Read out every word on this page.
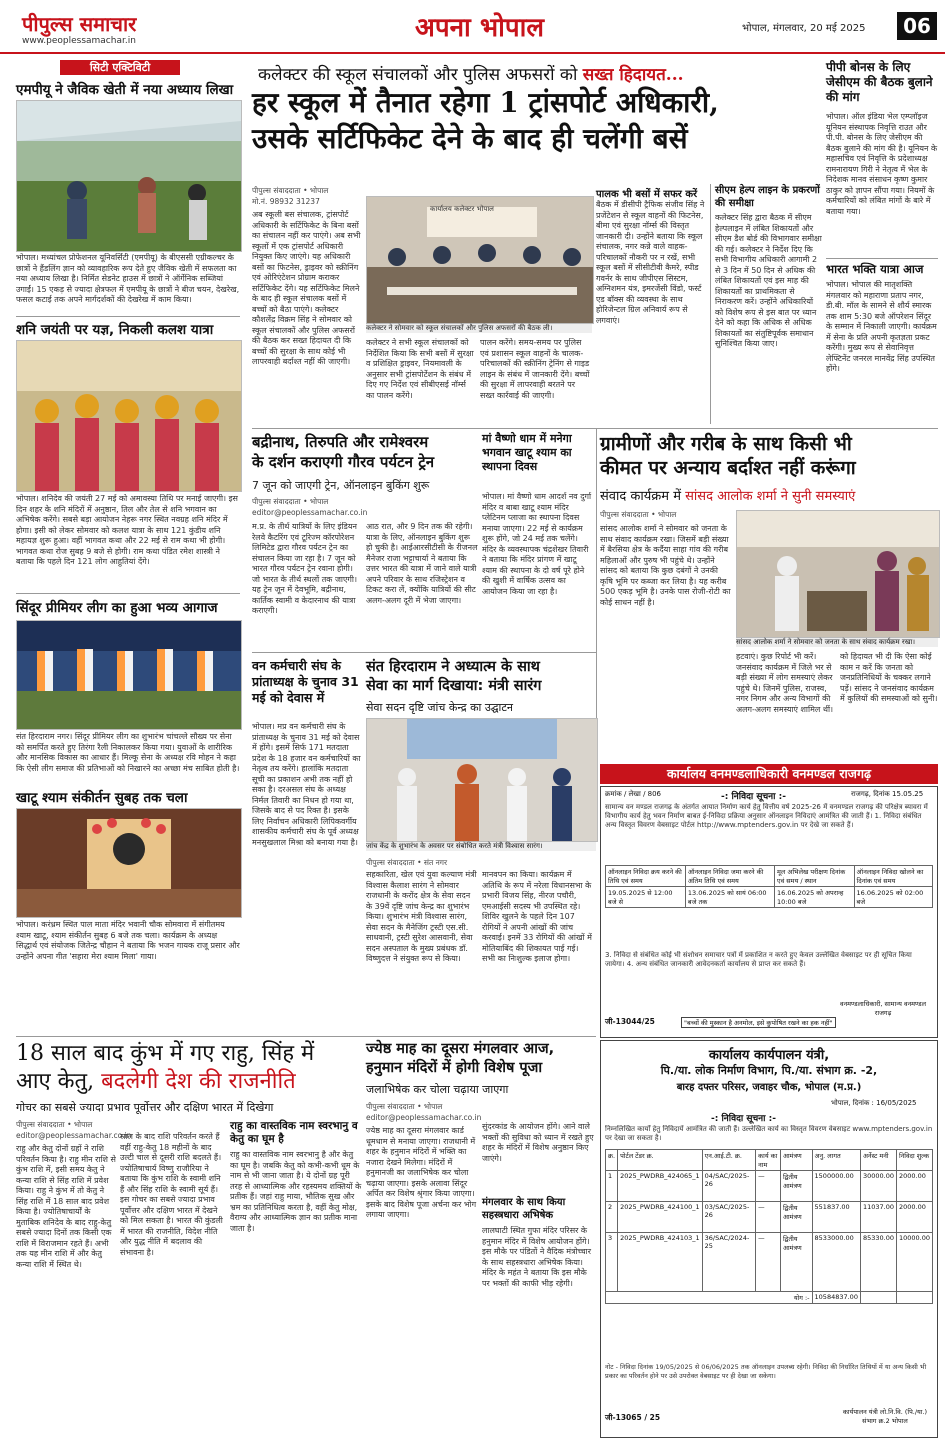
पीपुल्स समाचार
www.peoplessamachar.in	अपना भोपाल	भोपाल, मंगलवार, 20 मई 2025	06
सिटी एक्टिविटी
एमपीयू ने जैविक खेती में नया अध्याय लिखा
भोपाल। मध्यांचल प्रोफेशनल यूनिवर्सिटी (एमपीयू) के बीएससी एग्रीकल्चर के छात्रों ने हैंडलिंग ज्ञान को व्यावहारिक रूप देते हुए जैविक खेती में सफलता का नया अध्याय लिखा है। निर्मित सेडनेट हाउस में छात्रों ने ऑर्गेनिक सब्जियां उगाईं। 15 एकड़ से ज्यादा क्षेत्रफल में एमपीयू के छात्रों ने बीज चयन, देखरेख, फसल कटाई तक अपने मार्गदर्शकों की देखरेख में काम किया।
शनि जयंती पर यज्ञ, निकली कलश यात्रा
भोपाल। शनिदेव की जयंती 27 मई को अमावस्या तिथि पर मनाई जाएगी। इस दिन शहर के शनि मंदिरों में अनुष्ठान, तिल और तेल से शनि भगवान का अभिषेक करेंगे। सबसे बड़ा आयोजन नेहरू नगर स्थित नवग्रह शनि मंदिर में होगा। इसी को लेकर सोमवार को कलश यात्रा के साथ 121 कुंडीय शनि महायज्ञ शुरू हुआ। वहीं भागवत कथा और 22 मई से राम कथा भी होगी। भागवत कथा रोज सुबह 9 बजे से होगी। राम कथा पंडित रमेश शास्त्री ने बताया कि पहले दिन 121 लोग आहुतियां देंगे।
सिंदूर प्रीमियर लीग का हुआ भव्य आगाज
संत हिरदाराम नगर। सिंदूर प्रीमियर लीग का शुभारंभ चांचल्ले सौख्य पर सेना को समर्पित करते हुए तिरंगा रैली निकालकर किया गया। युवाओं के शारीरिक और मानसिक विकास का आधार हैं। मिल्कू सेना के अध्यक्ष रवि मोहन ने कहा कि ऐसी लीग समाज की प्रतिभाओं को निखारने का अच्छा मंच साबित होती है।
खाटू श्याम संकीर्तन सुबह तक चला
भोपाल। करंध्रम स्थित पाल माता मंदिर भवानी चौक सोमवारा में संगीतमय श्याम खाटू, श्याम संकीर्तन सुबह 6 बजे तक चला। कार्यक्रम के अध्यक्ष सिद्धार्थ एवं संयोजक जितेन्द्र चौहान ने बताया कि भजन गायक राजू प्रसार और उन्होंने अपना गीत 'सहारा मेरा श्याम मिला' गाया।
कलेक्टर की स्कूल संचालकों और पुलिस अफसरों को सख्त हिदायत...
हर स्कूल में तैनात रहेगा 1 ट्रांसपोर्ट अधिकारी,
उसके सर्टिफिकेट देने के बाद ही चलेंगी बसें
पीपुल्स संवाददाता • भोपाल
मो.नं. 98932 31237
अब स्कूली बस संचालक, ट्रांसपोर्ट अधिकारी के सर्टिफिकेट के बिना बसों का संचालन नहीं कर पाएंगे। अब सभी स्कूलों में एक ट्रांसपोर्ट अधिकारी नियुक्त किए जाएंगे। यह अधिकारी बसों का फिटनेस, ड्राइवर को स्क्रीनिंग एवं ओरिएंटेशन प्रोग्राम कराकर सर्टिफिकेट देंगे। यह सर्टिफिकेट मिलने के बाद ही स्कूल संचालक बसों में बच्चों को बैठा पाएंगे। कलेक्टर कौशलेंद्र विक्रम सिंह ने सोमवार को स्कूल संचालकों और पुलिस अफसरों की बैठक कर सख्त हिदायत दी कि बच्चों की सुरक्षा के साथ कोई भी लापरवाही बर्दाश्त नहीं की जाएगी।
कार्यालय कलेक्टर भोपाल
कलेक्टर ने सोमवार को स्कूल संचालकों और पुलिस अफसरों की बैठक ली।
कलेक्टर ने सभी स्कूल संचालकों को निर्देशित किया कि सभी बसों में सुरक्षा व प्रशिक्षित ड्राइवर, नियमावली के अनुसार सभी ट्रांसपोर्टेशन के संबंध में दिए गए निर्देश एवं सीबीएसई नॉर्म्स का पालन करेंगे।
पालन करेंगे। समय-समय पर पुलिस एवं प्रशासन स्कूल वाहनों के चालक-परिचालकों की स्क्रीनिंग ट्रेनिंग से गाइड लाइन के संबंध में जानकारी देंगे। बच्चों की सुरक्षा में लापरवाही बरतने पर सख्त कार्रवाई की जाएगी।
पालक भी बसों में सफर करें
बैठक में डीसीपी ट्रैफिक संजीव सिंह ने प्रजेंटेशन से स्कूल वाहनों की फिटनेस, बीमा एवं सुरक्षा नॉर्म्स की विस्तृत जानकारी दी। उन्होंने बताया कि स्कूल संचालक, नगर कन्ने वाले वाहक-परिचालकों नौकरी पर न रखें, सभी स्कूल बसों में सीसीटीवी कैमरे, स्पीड गवर्नर के साथ जीपीएस सिस्टम, अग्निशमन यंत्र, इमरजेंसी विंडो, फर्स्ट एड बॉक्स की व्यवस्था के साथ होरिजेन्टल ग्रिल अनिवार्य रूप से लगवाएं।
सीएम हेल्प लाइन के प्रकरणों की समीक्षा
कलेक्टर सिंह द्वारा बैठक में सीएम हेल्पलाइन में लंबित शिकायतों और सीएम डैश बोर्ड की विभागवार समीक्षा की गई। कलेक्टर ने निर्देश दिए कि सभी विभागीय अधिकारी आगामी 2 से 3 दिन में 50 दिन से अधिक की लंबित शिकायतों एवं इस माह की शिकायतों का प्राथमिकता से निराकरण करें। उन्होंने अधिकारियों को विशेष रूप से इस बात पर ध्यान देने को कहा कि अधिक से अधिक शिकायतों का संतुष्टिपूर्वक समाधान सुनिश्चित किया जाए।
पीपी बोनस के लिए जेसीएम की बैठक बुलाने की मांग
भोपाल। ऑल इंडिया भेल एम्प्लॉइज यूनियन संस्थापक निवृत्ति राउत और पी.पी. बोनस के लिए जेसीएम की बैठक बुलाने की मांग की है। यूनियन के महासचिव एवं निवृत्ति के प्रदेशाध्यक्ष रामनारायण गिरी ने नेतृत्व में भेल के निदेशक मानव संसाधन कृष्ण कुमार ठाकुर को ज्ञापन सौंपा गया। नियमों के कर्मचारियों को लंबित मांगों के बारे में बताया गया।
भारत भक्ति यात्रा आज
भोपाल। भोपाल की मातृशक्ति मंगलवार को महाराणा प्रताप नगर, डी.बी. मॉल के सामने से शौर्य स्मारक तक शाम 5:30 बजे ऑपरेशन सिंदूर के सम्मान में निकाली जाएगी। कार्यक्रम में सेना के प्रति अपनी कृतज्ञता प्रकट करेंगी। मुख्य रूप से सेवानिवृत्त लेफ्टिनेंट जनरल मानवेंद्र सिंह उपस्थित होंगे।
बद्रीनाथ, तिरुपति और रामेश्वरम
के दर्शन कराएगी गौरव पर्यटन ट्रेन
7 जून को जाएगी ट्रेन, ऑनलाइन बुकिंग शुरू
पीपुल्स संवाददाता • भोपाल
editor@peoplessamachar.co.in
म.प्र. के तीर्थ यात्रियों के लिए इंडियन रेलवे कैटरिंग एवं टूरिज्म कॉरपोरेशन लिमिटेड द्वारा गौरव पर्यटन ट्रेन का संचालन किया जा रहा है। 7 जून को भारत गौरव पर्यटन ट्रेन रवाना होगी। जो भारत के तीर्थ स्थलों तक जाएगी। यह ट्रेन जून में देवभूमि, बद्रीनाथ, कार्तिक स्वामी व केदारनाथ की यात्रा कराएगी।
आठ रात, और 9 दिन तक की रहेगी। यात्रा के लिए, ऑनलाइन बुकिंग शुरू हो चुकी है। आईआरसीटीसी के रीजनल मैनेजर राजा भट्टाचार्या ने बताया कि उत्तर भारत की यात्रा में जाने वाले यात्री अपने परिवार के साथ रजिस्ट्रेशन व टिकट करा लें, क्योंकि यात्रियों की सीट अलग-अलग दूरी में भेजा जाएगा।
मां वैष्णो धाम में मनेगा भगवान खाटू श्याम का स्थापना दिवस
भोपाल। मां वैष्णो धाम आदर्श नव दुर्गा मंदिर व बाबा खाटू श्याम मंदिर प्लेटिनम प्लाजा का स्थापना दिवस मनाया जाएगा। 22 मई से कार्यक्रम शुरू होंगे, जो 24 मई तक चलेंगे। मंदिर के व्यवस्थापक चंद्रशेखर तिवारी ने बताया कि मंदिर प्रांगण में खाटू श्याम की स्थापना के दो वर्ष पूरे होने की खुशी में वार्षिक उत्सव का आयोजन किया जा रहा है।
ग्रामीणों और गरीब के साथ किसी भी
कीमत पर अन्याय बर्दाश्त नहीं करूंगा
संवाद कार्यक्रम में सांसद आलोक शर्मा ने सुनी समस्याएं
पीपुल्स संवाददाता • भोपाल
सांसद आलोक शर्मा ने सोमवार को जनता के साथ संवाद कार्यक्रम रखा। जिसमें बड़ी संख्या में बैरसिया क्षेत्र के कर्दैया साहा गांव की गरीब महिलाओं और पुरुष भी पहुंचे थे। उन्होंने सांसद को बताया कि कुछ दबंगों ने उनकी कृषि भूमि पर कब्जा कर लिया है। यह करीब 500 एकड़ भूमि है। उनके पास रोजी-रोटी का कोई साधन नहीं है।
सांसद आलोक शर्मा ने सोमवार को जनता के साथ संवाद कार्यक्रम रखा।
हटवाएं। कुछ रिपोर्ट भी करें। जनसंवाद कार्यक्रम में जिले भर से बड़ी संख्या में लोग समस्याएं लेकर पहुंचे थे। जिनमें पुलिस, राजस्व, नगर निगम और अन्य विभागों की अलग-अलग समस्याएं शामिल थीं।
को हिदायत भी दी कि ऐसा कोई काम न करें कि जनता को जनप्रतिनिधियों के चक्कर लगाने पड़ें। सांसद ने जनसंवाद कार्यक्रम में कुलियों की समस्याओं को सुनी।
वन कर्मचारी संघ के प्रांताध्यक्ष के चुनाव 31 मई को देवास में
भोपाल। मप्र वन कर्मचारी संघ के प्रांताध्यक्ष के चुनाव 31 मई को देवास में होंगे। इसमें सिर्फ 171 मतदाता प्रदेश के 18 हजार वन कर्मचारियों का नेतृत्व तय करेंगे। हालांकि मतदाता सूची का प्रकाशन अभी तक नहीं हो सका है। दरअसल संघ के अध्यक्ष निर्मल तिवारी का निधन हो गया था, जिसके बाद से पद रिक्त है। इसके लिए निर्वाचन अधिकारी लिपिकवर्गीय शासकीय कर्मचारी संघ के पूर्व अध्यक्ष मनसुखलाल मिश्रा को बनाया गया है।
संत हिरदाराम ने अध्यात्म के साथ
सेवा का मार्ग दिखाया: मंत्री सारंग
सेवा सदन दृष्टि जांच केन्द्र का उद्घाटन
कार्यालय वनमण्डलाधिकारी वनमण्डल राजगढ़
क्रमांक / लेखा / 806	-: निविदा सूचना :-	राजगढ़, दिनांक 15.05.25
सामान्य वन मण्डल राजगढ़ के अंतर्गत आयात निर्माण कार्य हेतु वित्तीय वर्ष 2025-26 में वनमण्डल राजगढ़ की परिक्षेत्र ब्यावरा में विभागीय कार्य हेतु भवन निर्माण बाबत ई-निविदा प्रक्रिया अनुसार ऑनलाइन निविदाएं आमंत्रित की जाती हैं। 1. निविदा संबंधित अन्य विस्तृत विवरण वेबसाइट पोर्टल http://www.mptenders.gov.in पर देखे जा सकते हैं।
ऑनलाइन निविदा क्रय करने की तिथि एवं समय	ऑनलाइन निविदा जमा करने की अंतिम तिथि एवं समय	मूल अभिलेख परीक्षण दिनांक एवं समय / स्थान	ऑनलाइन निविदा खोलने का दिनांक एवं समय
19.05.2025 से 12:00 बजे से	13.06.2025 को सायं 06:00 बजे तक	16.06.2025 को अपरान्ह 10:00 बजे	16.06.2025 को 02:00 बजे
3. निविदा से संबंधित कोई भी संशोधन समाचार पत्रों में प्रकाशित न करते हुए केवल उल्लेखित वेबसाइट पर ही सूचित किया जायेगा। 4. अन्य संबंधित जानकारी आवेदनकर्ता कार्यालय से प्राप्त कर सकते हैं।
जी-13044/25	"बच्चों की मुस्कान है अनमोल, इसे कुपोषित रखने का हक नहीं"
वनमण्डलाधिकारी, सामान्य वनमण्डल राजगढ़
जांच केंद्र के शुभारंभ के अवसर पर संबोधित करते मंत्री विश्वास सारंग।
पीपुल्स संवाददाता • संत नगर
सहकारिता, खेल एवं युवा कल्याण मंत्री विश्वास कैलाश सारंग ने सोमवार राजधानी के करोंद क्षेत्र के सेवा सदन के 39वें दृष्टि जांच केन्द्र का शुभारंभ किया। शुभारंभ मंत्री विश्वास सारंग, सेवा सदन के मैनेजिंग ट्रस्टी एस.सी. साधवानी, ट्रस्टी सुरेश आसवानी, सेवा सदन अस्पताल के मुख्य प्रबंधक डॉ. विष्णुदत्त ने संयुक्त रूप से किया।
मानवपन का किया। कार्यक्रम में अतिथि के रूप में नरेला विधानसभा के प्रभारी विजय सिंह, नीरज पचौरी, एमआईसी सदस्य भी उपस्थित रहे। शिविर खुलने के पहले दिन 107 रोगियों ने अपनी आंखों की जांच करवाई। इनमें 33 रोगियों की आंखों में मोतियाबिंद की शिकायत पाई गई। सभी का निःशुल्क इलाज होगा।
18 साल बाद कुंभ में गए राहु, सिंह में
आए केतु, बदलेगी देश की राजनीति
गोचर का सबसे ज्यादा प्रभाव पूर्वोत्तर और दक्षिण भारत में दिखेगा
पीपुल्स संवाददाता • भोपाल
editor@peoplessamachar.co.in
राहु और केतु दोनों ग्रहों ने राशि परिवर्तन किया है। राहु मीन राशि से कुंभ राशि में, इसी समय केतु ने कन्या राशि से सिंह राशि में प्रवेश किया। राहु ने कुंभ में तो केतु ने सिंह राशि में 18 साल बाद प्रवेश किया है। ज्योतिषाचार्यों के मुताबिक शनिदेव के बाद राहु-केतु सबसे ज्यादा दिनों तक किसी एक राशि में विराजमान रहते हैं। अभी तक यह मीन राशि में और केतु कन्या राशि में स्थित थे।
साल के बाद राशि परिवर्तन करते हैं वहीं राहु-केतु 18 महीनों के बाद उल्टी चाल से दूसरी राशि बदलते हैं। ज्योतिषाचार्य विष्णु राजौरिया ने बताया कि कुंभ राशि के स्वामी शनि हैं और सिंह राशि के स्वामी सूर्य हैं। इस गोचर का सबसे ज्यादा प्रभाव पूर्वोत्तर और दक्षिण भारत में देखने को मिल सकता है। भारत की कुंडली में भारत की राजनीति, विदेश नीति और युद्ध नीति में बदलाव की संभावना है।
राहु का वास्तविक नाम स्वरभानु व केतु का घूम है
राहु का वास्तविक नाम स्वरभानु है और केतु का घूम है। जबकि केतु को कभी-कभी धूम के नाम से भी जाना जाता है। ये दोनों ग्रह पूरी तरह से आध्यात्मिक और रहस्यमय शक्तियों के प्रतीक हैं। जहां राहु माया, भौतिक सुख और भ्रम का प्रतिनिधित्व करता है, वहीं केतु मोक्ष, वैराग्य और आध्यात्मिक ज्ञान का प्रतीक माना जाता है।
ज्येष्ठ माह का दूसरा मंगलवार आज,
हनुमान मंदिरों में होगी विशेष पूजा
जलाभिषेक कर चोला चढ़ाया जाएगा
पीपुल्स संवाददाता • भोपाल
editor@peoplessamachar.co.in
ज्येष्ठ माह का दूसरा मंगलवार कार्ड धूमधाम से मनाया जाएगा। राजधानी में शहर के हनुमान मंदिरों में भक्ति का नजारा देखने मिलेगा। मंदिरों में हनुमानजी का जलाभिषेक कर चोला चढ़ाया जाएगा। इसके अलावा सिंदूर अर्पित कर विशेष श्रृंगार किया जाएगा। इसके बाद विशेष पूजा अर्चना कर भोग लगाया जाएगा।
सुंदरकांड के आयोजन होंगे। आने वाले भक्तों की सुविधा को ध्यान में रखते हुए शहर के मंदिरों में विशेष अनुष्ठान किए जाएंगे।
मंगलवार के साथ किया सहस्त्रधारा अभिषेक
लालघाटी स्थित गुफा मंदिर परिसर के हनुमान मंदिर में विशेष आयोजन होंगे। इस मौके पर पंडितों ने वैदिक मंत्रोच्चार के साथ सहस्त्रधारा अभिषेक किया। मंदिर के महंत ने बताया कि इस मौके पर भक्तों की काफी भीड़ रहेगी।
कार्यालय कार्यपालन यंत्री,
पि./या. लोक निर्माण विभाग, पि./या. संभाग क्र. -2,
बारह दफ्तर परिसर, जवाहर चौक, भोपाल (म.प्र.)
भोपाल, दिनांक : 16/05/2025
-: निविदा सूचना :-
निम्नलिखित कार्यों हेतु निविदायें आमंत्रित की जाती हैं। उल्लेखित कार्य का विस्तृत विवरण वेबसाइट www.mptenders.gov.in पर देखा जा सकता है।
क्र.	पोर्टल टेंडर क्र.	एन.आई.टी. क्र.	कार्य का नाम	आमंत्रण	अनु. लागत	अर्नेस्ट मनी	निविदा शुल्क
1	2025_PWDRB_424065_1	04/SAC/2025-26	—	द्वितीय आमंत्रण	1500000.00	30000.00	2000.00
2	2025_PWDRB_424100_1	03/SAC/2025-26	—	द्वितीय आमंत्रण	551837.00	11037.00	2000.00
3	2025_PWDRB_424103_1	36/SAC/2024-25	—	द्वितीय आमंत्रण	8533000.00	85330.00	10000.00
योग :-					10584837.00		
नोट - निविदा दिनांक 19/05/2025 से 06/06/2025 तक ऑनलाइन उपलब्ध रहेगी। निविदा की निर्धारित तिथियों में या अन्य किसी भी प्रकार का परिवर्तन होने पर उसे उपरोक्त वेबसाइट पर ही देखा जा सकेगा।
जी-13065 / 25
कार्यपालन यंत्री लो.नि.वि. (पि./या.) संभाग क्र.2 भोपाल
